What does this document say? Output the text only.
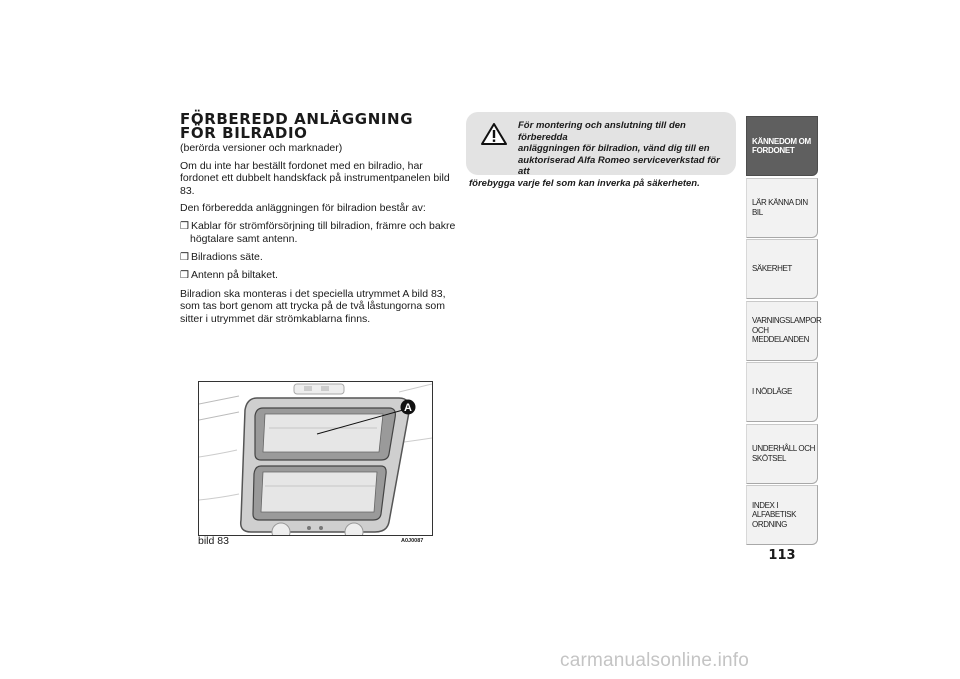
FÖRBEREDD ANLÄGGNING FÖR BILRADIO

(berörda versioner och marknader)

Om du inte har beställt fordonet med en bilradio, har fordonet ett dubbelt handskfack på instrumentpanelen bild 83.

Den förberedda anläggningen för bilradion består av:

❒ Kablar för strömförsörjning till bilradion, främre och bakre högtalare samt antenn.

❒ Bilradions säte.

❒ Antenn på biltaket.

Bilradion ska monteras i det speciella utrymmet A bild 83, som tas bort genom att trycka på de två låstungorna som sitter i utrymmet där strömkablarna finns.

A
bild 83	A0J0087
För montering och anslutning till den förberedda
anläggningen för bilradion, vänd dig till en
auktoriserad Alfa Romeo serviceverkstad för att
förebygga varje fel som kan inverka på säkerheten.
KÄNNEDOM OM FORDONET
LÄR KÄNNA DIN BIL
SÄKERHET
VARNINGSLAMPOR OCH MEDDELANDEN
I NÖDLÄGE
UNDERHÅLL OCH SKÖTSEL
INDEX I ALFABETISK ORDNING
113
carmanualsonline.info
